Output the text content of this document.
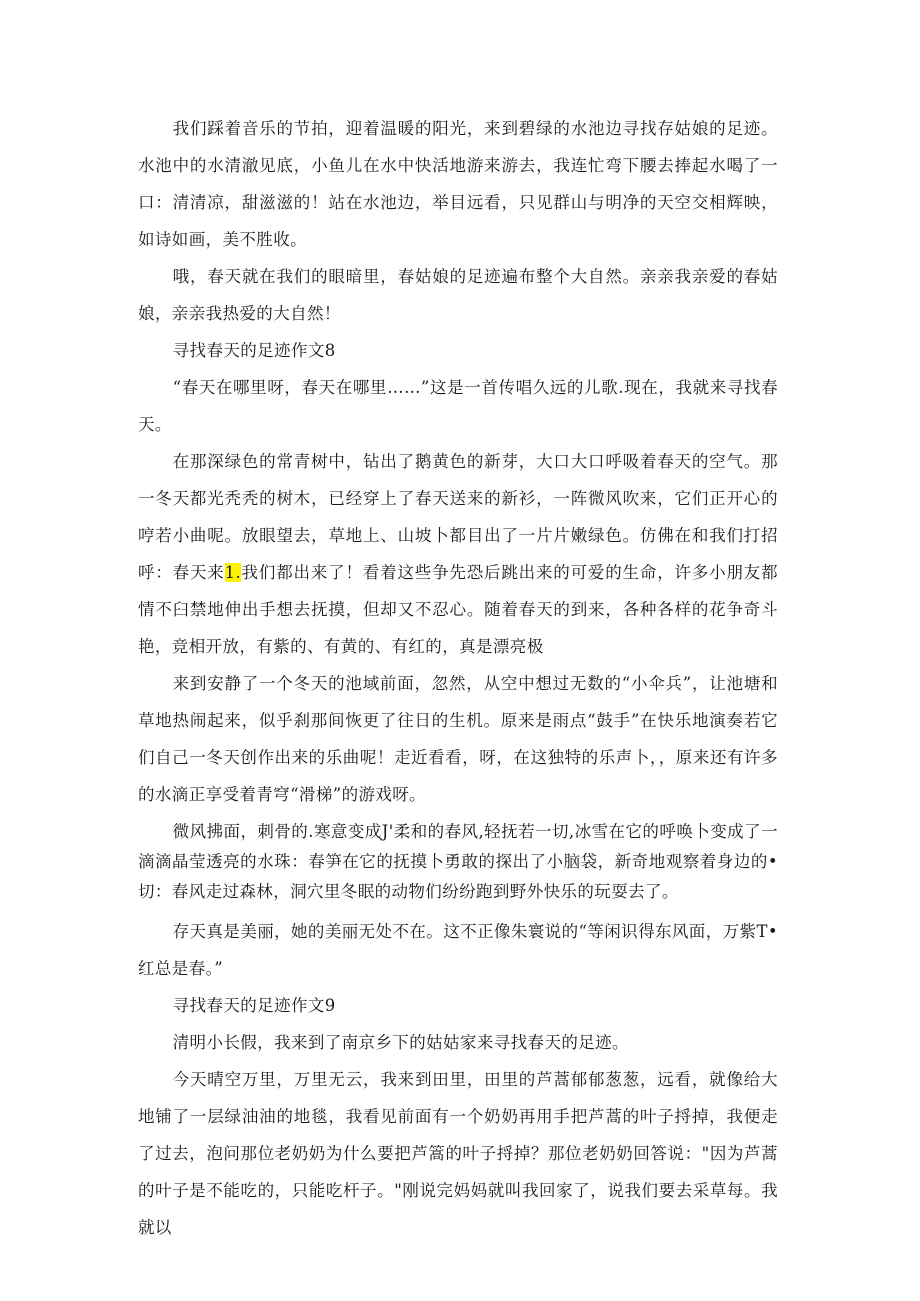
我们踩着音乐的节拍，迎着温暖的阳光，来到碧绿的水池边寻找存姑娘的足迹。水池中的水清澈见底，小鱼儿在水中快活地游来游去，我连忙弯下腰去捧起水喝了一口：清清凉，甜滋滋的！站在水池边，举目远看，只见群山与明净的天空交相辉映，如诗如画，美不胜收。

哦，春天就在我们的眼暗里，春姑娘的足迹遍布整个大自然。亲亲我亲爱的春姑娘，亲亲我热爱的大自然！

寻找春天的足迹作文8

“春天在哪里呀，春天在哪里……”这是一首传唱久远的儿歌.现在，我就来寻找春天。

在那深绿色的常青树中，钻出了鹅黄色的新芽，大口大口呼吸着春天的空气。那一冬天都光秃秃的树木，已经穿上了春天送来的新衫，一阵微风吹来，它们正开心的哼若小曲呢。放眼望去，草地上、山坡卜都目出了一片片嫩绿色。仿佛在和我们打招呼：春天来1.我们都出来了！看着这些争先恐后跳出来的可爱的生命，许多小朋友都情不臼禁地伸出手想去抚摸，但却又不忍心。随着春天的到来，各种各样的花争奇斗艳，竞相开放，有紫的、有黄的、有红的，真是漂亮极

来到安静了一个冬天的池域前面，忽然，从空中想过无数的“小伞兵”，让池塘和草地热闹起来，似乎刹那间恢更了往日的生机。原来是雨点“鼓手”在快乐地演奏若它们自己一冬天创作出来的乐曲呢！走近看看，呀，在这独特的乐声卜，，原来还有许多的水滴正享受着青穹“滑梯”的游戏呀。

微风拂面，刺骨的.寒意变成J'柔和的春风,轻抚若一切,冰雪在它的呼唤卜变成了一滴滴晶莹透亮的水珠：春笋在它的抚摸卜勇敢的探出了小脑袋，新奇地观察着身边的•切：春风走过森林，洞穴里冬眠的动物们纷纷跑到野外快乐的玩耍去了。

存天真是美丽，她的美丽无处不在。这不正像朱寰说的“等闲识得东风面，万紫T•红总是春。”

寻找春天的足迹作文9

清明小长假，我来到了南京乡下的姑姑家来寻找春天的足迹。

今天晴空万里，万里无云，我来到田里，田里的芦蒿郁郁葱葱，远看，就像给大地铺了一层绿油油的地毯，我看见前面有一个奶奶再用手把芦蒿的叶子捋掉，我便走了过去，泡问那位老奶奶为什么要把芦篙的叶子捋掉？那位老奶奶回答说："因为芦蒿的叶子是不能吃的，只能吃杆子。"刚说完妈妈就叫我回家了，说我们要去采草每。我就以
